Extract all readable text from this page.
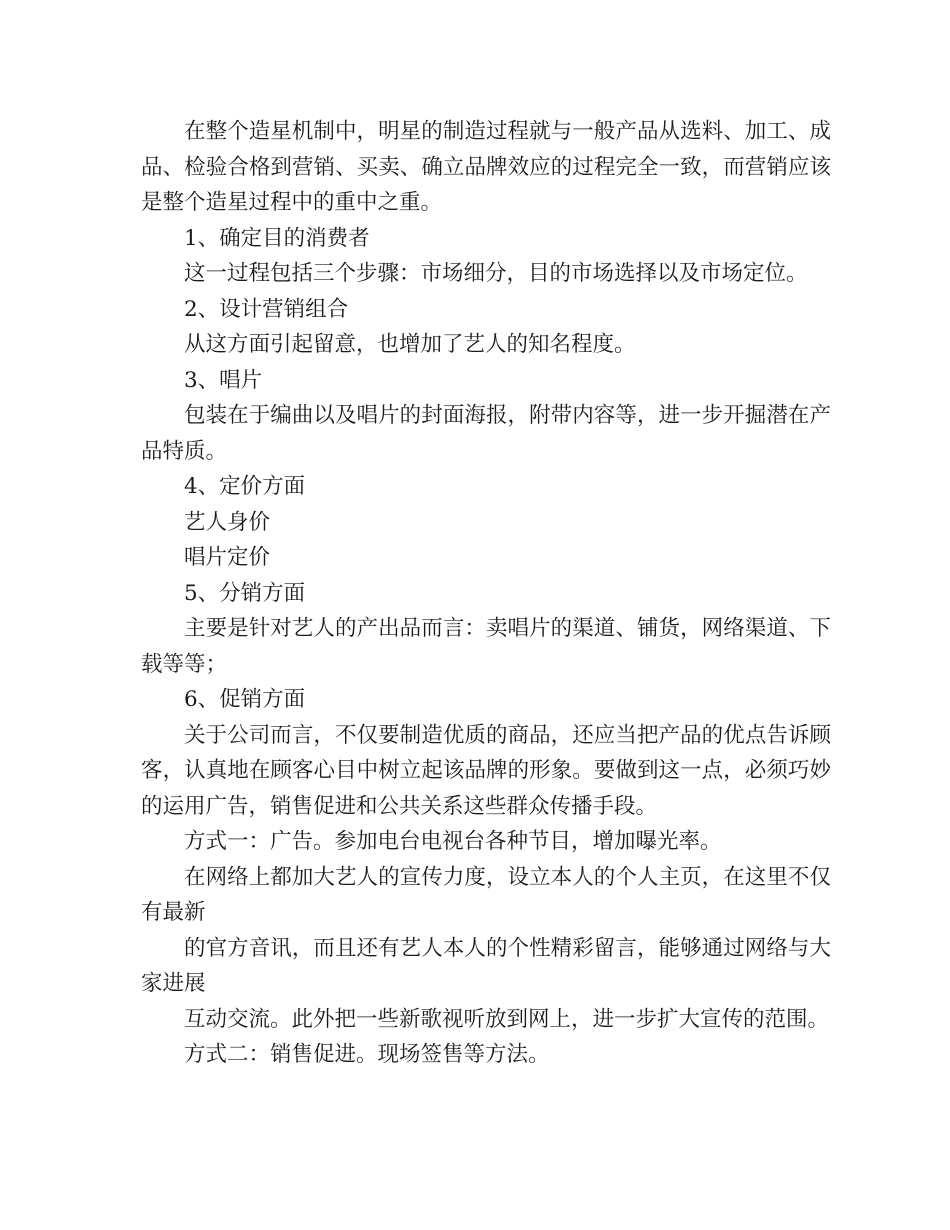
在整个造星机制中，明星的制造过程就与一般产品从选料、加工、成品、检验合格到营销、买卖、确立品牌效应的过程完全一致，而营销应该是整个造星过程中的重中之重。

1、确定目的消费者

这一过程包括三个步骤：市场细分，目的市场选择以及市场定位。

2、设计营销组合

从这方面引起留意，也增加了艺人的知名程度。

3、唱片

包装在于编曲以及唱片的封面海报，附带内容等，进一步开掘潜在产品特质。

4、定价方面

艺人身价

唱片定价

5、分销方面

主要是针对艺人的产出品而言：卖唱片的渠道、铺货，网络渠道、下载等等；

6、促销方面

关于公司而言，不仅要制造优质的商品，还应当把产品的优点告诉顾客，认真地在顾客心目中树立起该品牌的形象。要做到这一点，必须巧妙的运用广告，销售促进和公共关系这些群众传播手段。

方式一：广告。参加电台电视台各种节目，增加曝光率。

在网络上都加大艺人的宣传力度，设立本人的个人主页，在这里不仅有最新

的官方音讯，而且还有艺人本人的个性精彩留言，能够通过网络与大家进展

互动交流。此外把一些新歌视听放到网上，进一步扩大宣传的范围。

方式二：销售促进。现场签售等方法。
